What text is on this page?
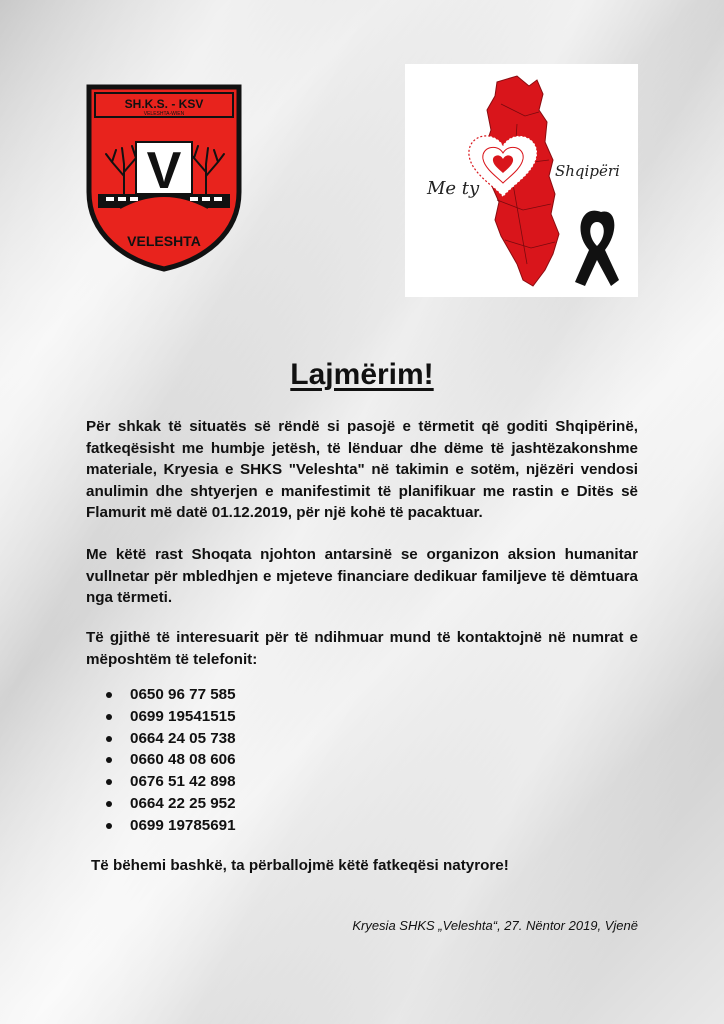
SH.K.S. - KSV
VELESHTA-WIEN
V
VELESHTA
Me ty
Shqipëri
Lajmërim!

Për shkak të situatës së rëndë si pasojë e tërmetit që goditi Shqipërinë, fatkeqësisht me humbje jetësh, të lënduar dhe dëme të jashtëzakonshme materiale, Kryesia e SHKS "Veleshta" në takimin e sotëm, njëzëri vendosi anulimin dhe shtyerjen e manifestimit të planifikuar me rastin e Ditës së Flamurit më datë 01.12.2019, për një kohë të pacaktuar.

Me këtë rast Shoqata njohton antarsinë se organizon aksion humanitar vullnetar për mbledhjen e mjeteve financiare dedikuar familjeve të dëmtuara nga tërmeti.

Të gjithë të interesuarit për të ndihmuar mund të kontaktojnë në numrat e mëposhtëm të telefonit:

0650 96 77 585
0699 19541515
0664 24 05 738
0660 48 08 606
0676 51 42 898
0664 22 25 952
0699 19785691

Të bëhemi bashkë, ta përballojmë këtë fatkeqësi natyrore!

Kryesia SHKS „Veleshta“, 27. Nëntor 2019, Vjenë
